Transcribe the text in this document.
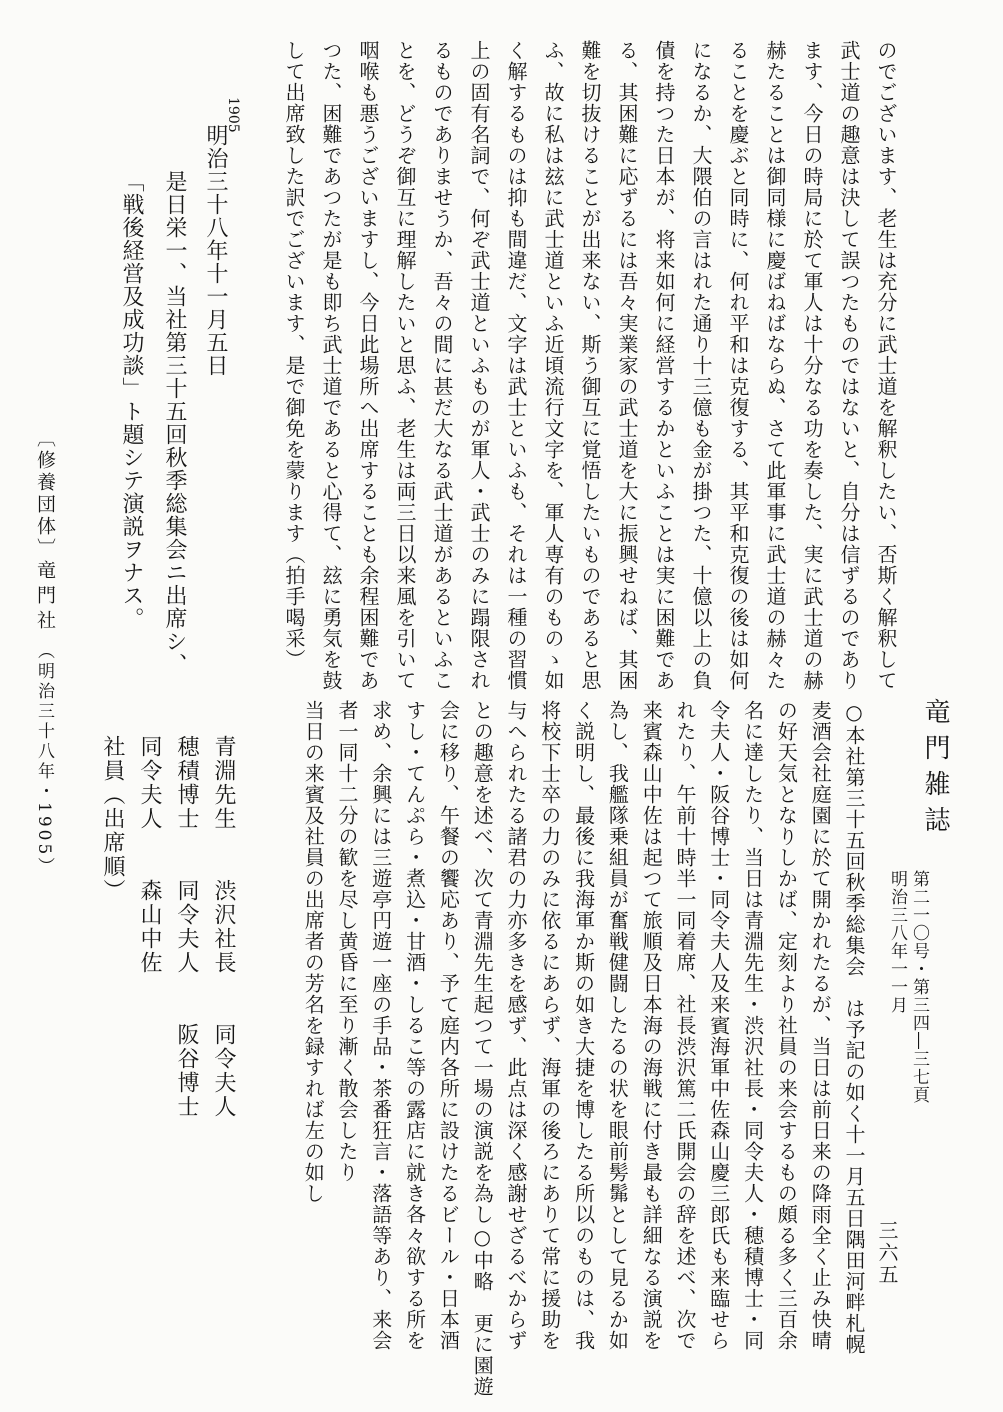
のでございます、老生は充分に武士道を解釈したい、否斯く解釈して
武士道の趣意は決して誤つたものではないと、自分は信ずるのであり
ます、今日の時局に於て軍人は十分なる功を奏した、実に武士道の赫
赫たることは御同様に慶ばねばならぬ、さて此軍事に武士道の赫々た
ることを慶ぶと同時に、何れ平和は克復する、其平和克復の後は如何
になるか、大隈伯の言はれた通り十三億も金が掛つた、十億以上の負
債を持つた日本が、将来如何に経営するかといふことは実に困難であ
る、其困難に応ずるには吾々実業家の武士道を大に振興せねば、其困
難を切抜けることが出来ない、斯う御互に覚悟したいものであると思
ふ、故に私は玆に武士道といふ近頃流行文字を、軍人専有のものゝ如
く解するものは抑も間違だ、文字は武士といふも、それは一種の習慣
上の固有名詞で、何ぞ武士道といふものが軍人・武士のみに蹋限され
るものでありませうか、吾々の間に甚だ大なる武士道があるといふこ
とを、どうぞ御互に理解したいと思ふ、老生は両三日以来風を引いて
咽喉も悪うございますし、今日此場所へ出席することも余程困難であ
つた、困難であつたが是も即ち武士道であると心得て、玆に勇気を鼓
して出席致した訳でございます、是で御免を蒙ります（拍手喝采）
1905
明治三十八年十一月五日
是日栄一、当社第三十五回秋季総集会ニ出席シ、
「戦後経営及成功談」ト題シテ演説ヲナス。
〔修養団体〕
竜門社
（明治三十八年・1905）	竜門雑誌
第二一〇号・第三四―三七頁
明治三八年一一月
○本社第三十五回秋季総集会　は予記の如く十一月五日隅田河畔札幌
麦酒会社庭園に於て開かれたるが、当日は前日来の降雨全く止み快晴
の好天気となりしかば、定刻より社員の来会するもの頗る多く三百余
名に達したり、当日は青淵先生・渋沢社長・同令夫人・穂積博士・同
令夫人・阪谷博士・同令夫人及来賓海軍中佐森山慶三郎氏も来臨せら
れたり、午前十時半一同着席、社長渋沢篤二氏開会の辞を述べ、次で
来賓森山中佐は起つて旅順及日本海の海戦に付き最も詳細なる演説を
為し、我艦隊乗組員が奮戦健闘したるの状を眼前髣髴として見るか如
く説明し、最後に我海軍か斯の如き大捷を博したる所以のものは、我
将校下士卒の力のみに依るにあらず、海軍の後ろにありて常に援助を
与へられたる諸君の力亦多きを感ず、此点は深く感謝せざるべからず
との趣意を述べ、次て青淵先生起つて一場の演説を為し○中略　更に園遊
会に移り、午餐の饗応あり、予て庭内各所に設けたるビール・日本酒
すし・てんぷら・煮込・甘酒・しるこ等の露店に就き各々欲する所を
求め、余興には三遊亭円遊一座の手品・茶番狂言・落語等あり、来会
者一同十二分の歓を尽し黄昏に至り漸く散会したり
当日の来賓及社員の出席者の芳名を録すれば左の如し
青淵先生　　渋沢社長　　同令夫人
穂積博士　　同令夫人　　阪谷博士
同令夫人　　森山中佐
社員（出席順）
三六五
